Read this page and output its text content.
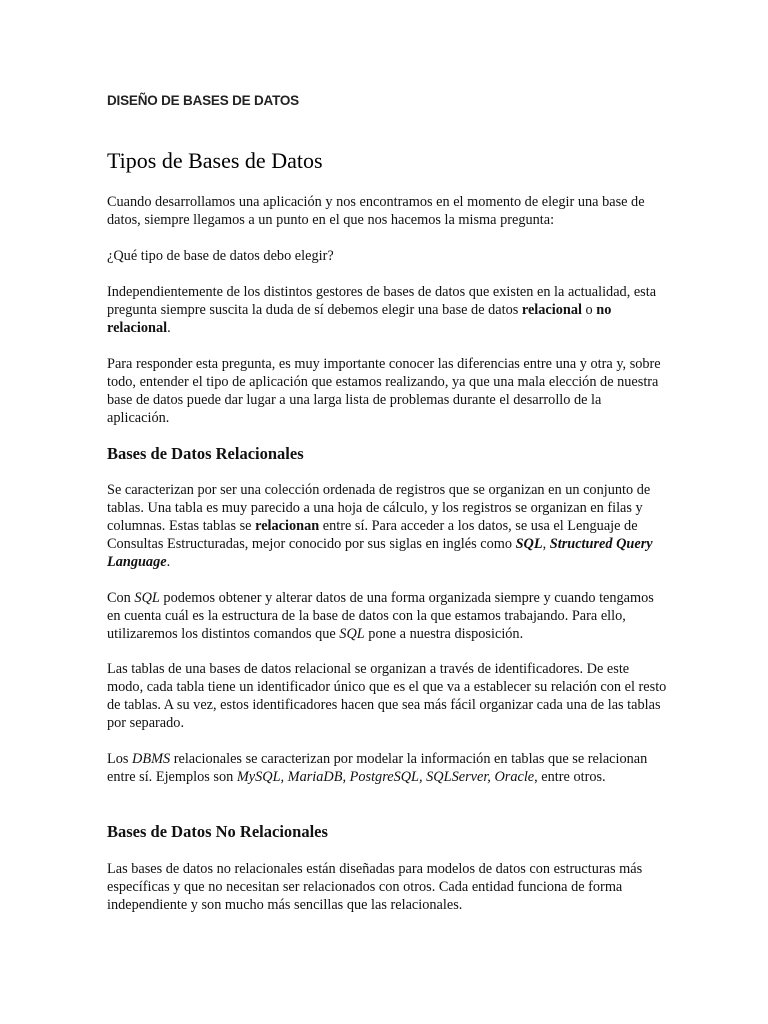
DISEÑO DE BASES DE DATOS
Tipos de Bases de Datos

Cuando desarrollamos una aplicación y nos encontramos en el momento de elegir una base de datos, siempre llegamos a un punto en el que nos hacemos la misma pregunta:

¿Qué tipo de base de datos debo elegir?

Independientemente de los distintos gestores de bases de datos que existen en la actualidad, esta pregunta siempre suscita la duda de sí debemos elegir una base de datos relacional o no relacional.

Para responder esta pregunta, es muy importante conocer las diferencias entre una y otra y, sobre todo, entender el tipo de aplicación que estamos realizando, ya que una mala elección de nuestra base de datos puede dar lugar a una larga lista de problemas durante el desarrollo de la aplicación.

Bases de Datos Relacionales

Se caracterizan por ser una colección ordenada de registros que se organizan en un conjunto de tablas. Una tabla es muy parecido a una hoja de cálculo, y los registros se organizan en filas y columnas. Estas tablas se relacionan entre sí. Para acceder a los datos, se usa el Lenguaje de Consultas Estructuradas, mejor conocido por sus siglas en inglés como SQL, Structured Query Language.

Con SQL podemos obtener y alterar datos de una forma organizada siempre y cuando tengamos en cuenta cuál es la estructura de la base de datos con la que estamos trabajando. Para ello, utilizaremos los distintos comandos que SQL pone a nuestra disposición.

Las tablas de una bases de datos relacional se organizan a través de identificadores. De este modo, cada tabla tiene un identificador único que es el que va a establecer su relación con el resto de tablas. A su vez, estos identificadores hacen que sea más fácil organizar cada una de las tablas por separado.

Los DBMS relacionales se caracterizan por modelar la información en tablas que se relacionan entre sí. Ejemplos son MySQL, MariaDB, PostgreSQL, SQLServer, Oracle, entre otros.

Bases de Datos No Relacionales

Las bases de datos no relacionales están diseñadas para modelos de datos con estructuras más específicas y que no necesitan ser relacionados con otros. Cada entidad funciona de forma independiente y son mucho más sencillas que las relacionales.
